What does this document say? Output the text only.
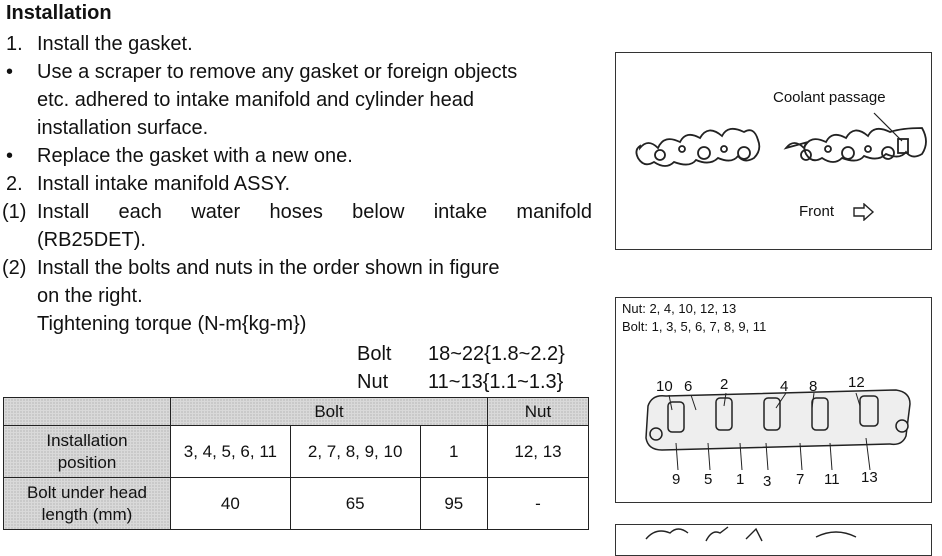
Installation
1. Install the gasket.
• Use a scraper to remove any gasket or foreign objects
etc. adhered to intake manifold and cylinder head
installation surface.
• Replace the gasket with a new one.
2. Install intake manifold ASSY.
(1) Install each water hoses below intake manifold
(RB25DET).
(2) Install the bolts and nuts in the order shown in figure
on the right.
Tightening torque (N-m{kg-m})
Bolt 18~22{1.8~2.2}
Nut 11~13{1.1~1.3}
	Bolt			Nut

Installation
position	3, 4, 5, 6, 11	2, 7, 8, 9, 10	1	12, 13

Bolt under head
length (mm)	40	65	95	-
Coolant passage
Front
Nut: 2, 4, 10, 12, 13
Bolt: 1, 3, 5, 6, 7, 8, 9, 11
10 6 2	4 8 12
9 5 1 3 7 11 13
